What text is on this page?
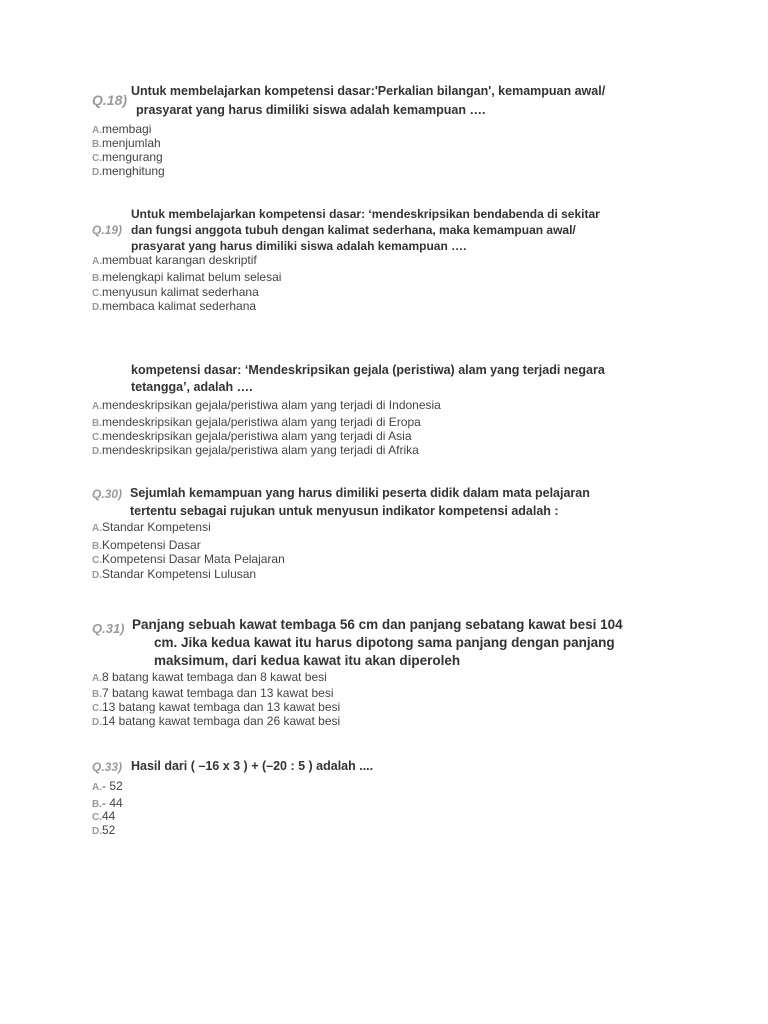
Q.18)
Untuk membelajarkan kompetensi dasar:'Perkalian bilangan', kemampuan awal/
prasyarat yang harus dimiliki siswa adalah kemampuan ….
A.membagi
B.menjumlah
C.mengurang
D.menghitung
Untuk membelajarkan kompetensi dasar: ‘mendeskripsikan bendabenda di sekitar
Q.19) dan fungsi anggota tubuh dengan kalimat sederhana, maka kemampuan awal/
prasyarat yang harus dimiliki siswa adalah kemampuan ….
A.membuat karangan deskriptif
B.melengkapi kalimat belum selesai
C.menyusun kalimat sederhana
D.membaca kalimat sederhana
kompetensi dasar: ‘Mendeskripsikan gejala (peristiwa) alam yang terjadi negara
tetangga’, adalah ….
A.mendeskripsikan gejala/peristiwa alam yang terjadi di Indonesia
B.mendeskripsikan gejala/peristiwa alam yang terjadi di Eropa
C.mendeskripsikan gejala/peristiwa alam yang terjadi di Asia
D.mendeskripsikan gejala/peristiwa alam yang terjadi di Afrika
Q.30) Sejumlah kemampuan yang harus dimiliki peserta didik dalam mata pelajaran
tertentu sebagai rujukan untuk menyusun indikator kompetensi adalah :
A.Standar Kompetensi
B.Kompetensi Dasar
C.Kompetensi Dasar Mata Pelajaran
D.Standar Kompetensi Lulusan
Q.31) Panjang sebuah kawat tembaga 56 cm dan panjang sebatang kawat besi 104
cm. Jika kedua kawat itu harus dipotong sama panjang dengan panjang
maksimum, dari kedua kawat itu akan diperoleh
A.8 batang kawat tembaga dan 8 kawat besi
B.7 batang kawat tembaga dan 13 kawat besi
C.13 batang kawat tembaga dan 13 kawat besi
D.14 batang kawat tembaga dan 26 kawat besi
Q.33) Hasil dari ( –16 x 3 ) + (–20 : 5 ) adalah ....
A.- 52
B.- 44
C.44
D.52
